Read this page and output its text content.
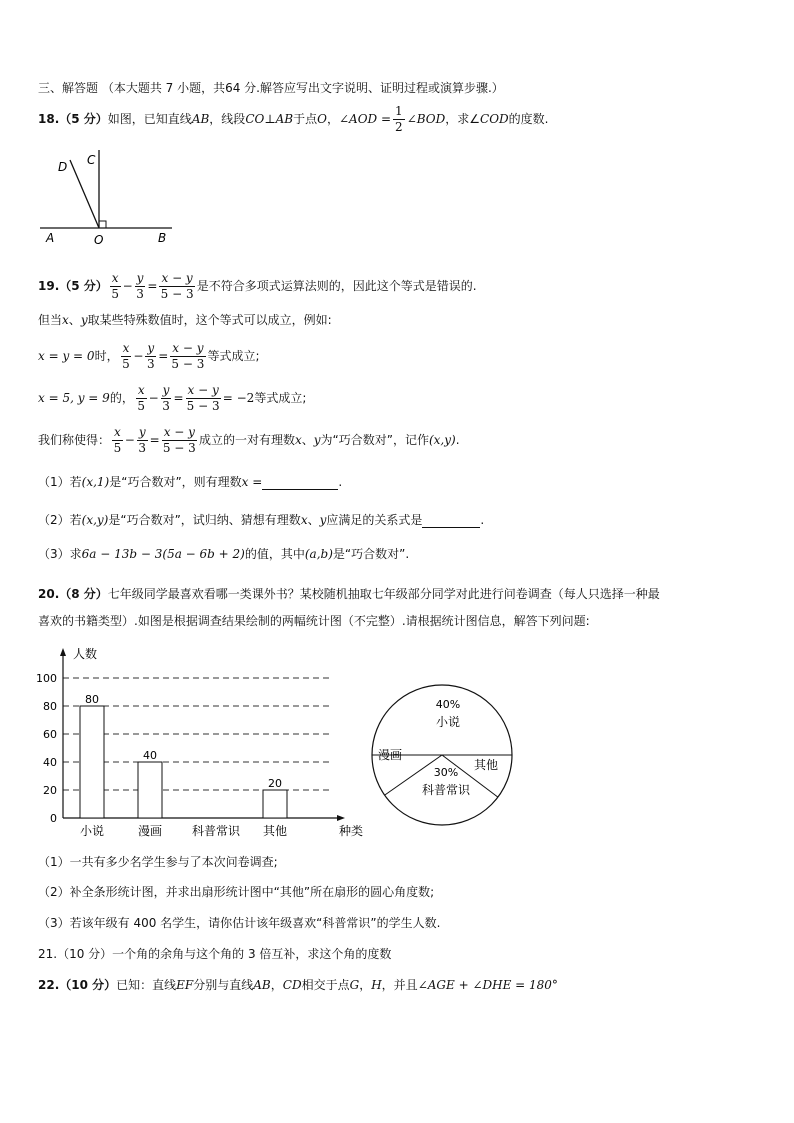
三、解答题 （本大题共 7 小题，共64 分.解答应写出文字说明、证明过程或演算步骤.）
18.（5 分）如图，已知直线AB，线段CO⊥AB于点O，∠AOD = $\frac{1}{2}$ ∠BOD，求∠COD的度数.
D C
A	O	B
19.（5 分） $\frac{x}{5} - \frac{y}{3} = \frac{x - y}{5 - 3}$ 是不符合多项式运算法则的，因此这个等式是错误的.
但当x、y取某些特殊数值时，这个等式可以成立，例如:
x = y = 0时， $\frac{x}{5} - \frac{y}{3} = \frac{x - y}{5 - 3}$ 等式成立;
x = 5, y = 9的， $\frac{x}{5} - \frac{y}{3} = \frac{x - y}{5 - 3} = -2$等式成立;
我们称使得： $\frac{x}{5} - \frac{y}{3} = \frac{x - y}{5 - 3}$ 成立的一对有理数x、y为“巧合数对”，记作(x,y).
（1）若(x,1)是“巧合数对”，则有理数x =	.
（2）若(x,y)是“巧合数对”，试归纳、猜想有理数x、y应满足的关系式是	.
（3）求6a − 13b − 3(5a − 6b + 2)的值，其中(a,b)是“巧合数对”.
20.（8 分）七年级同学最喜欢看哪一类课外书？某校随机抽取七年级部分同学对此进行问卷调查（每人只选择一种最
喜欢的书籍类型）.如图是根据调查结果绘制的两幅统计图（不完整）.请根据统计图信息，解答下列问题:
0
20
40
60
80
100
人数
种类
小说
80
漫画
40
科普常识 其他
20
40%
小说
漫画
30%
科普常识
其他
（1）一共有多少名学生参与了本次问卷调查;
（2）补全条形统计图，并求出扇形统计图中“其他”所在扇形的圆心角度数;
（3）若该年级有 400 名学生，请你估计该年级喜欢“科普常识”的学生人数.
21.（10 分）一个角的余角与这个角的 3 倍互补，求这个角的度数
22.（10 分）已知：直线EF分别与直线AB，CD相交于点G，H，并且∠AGE + ∠DHE = 180°
